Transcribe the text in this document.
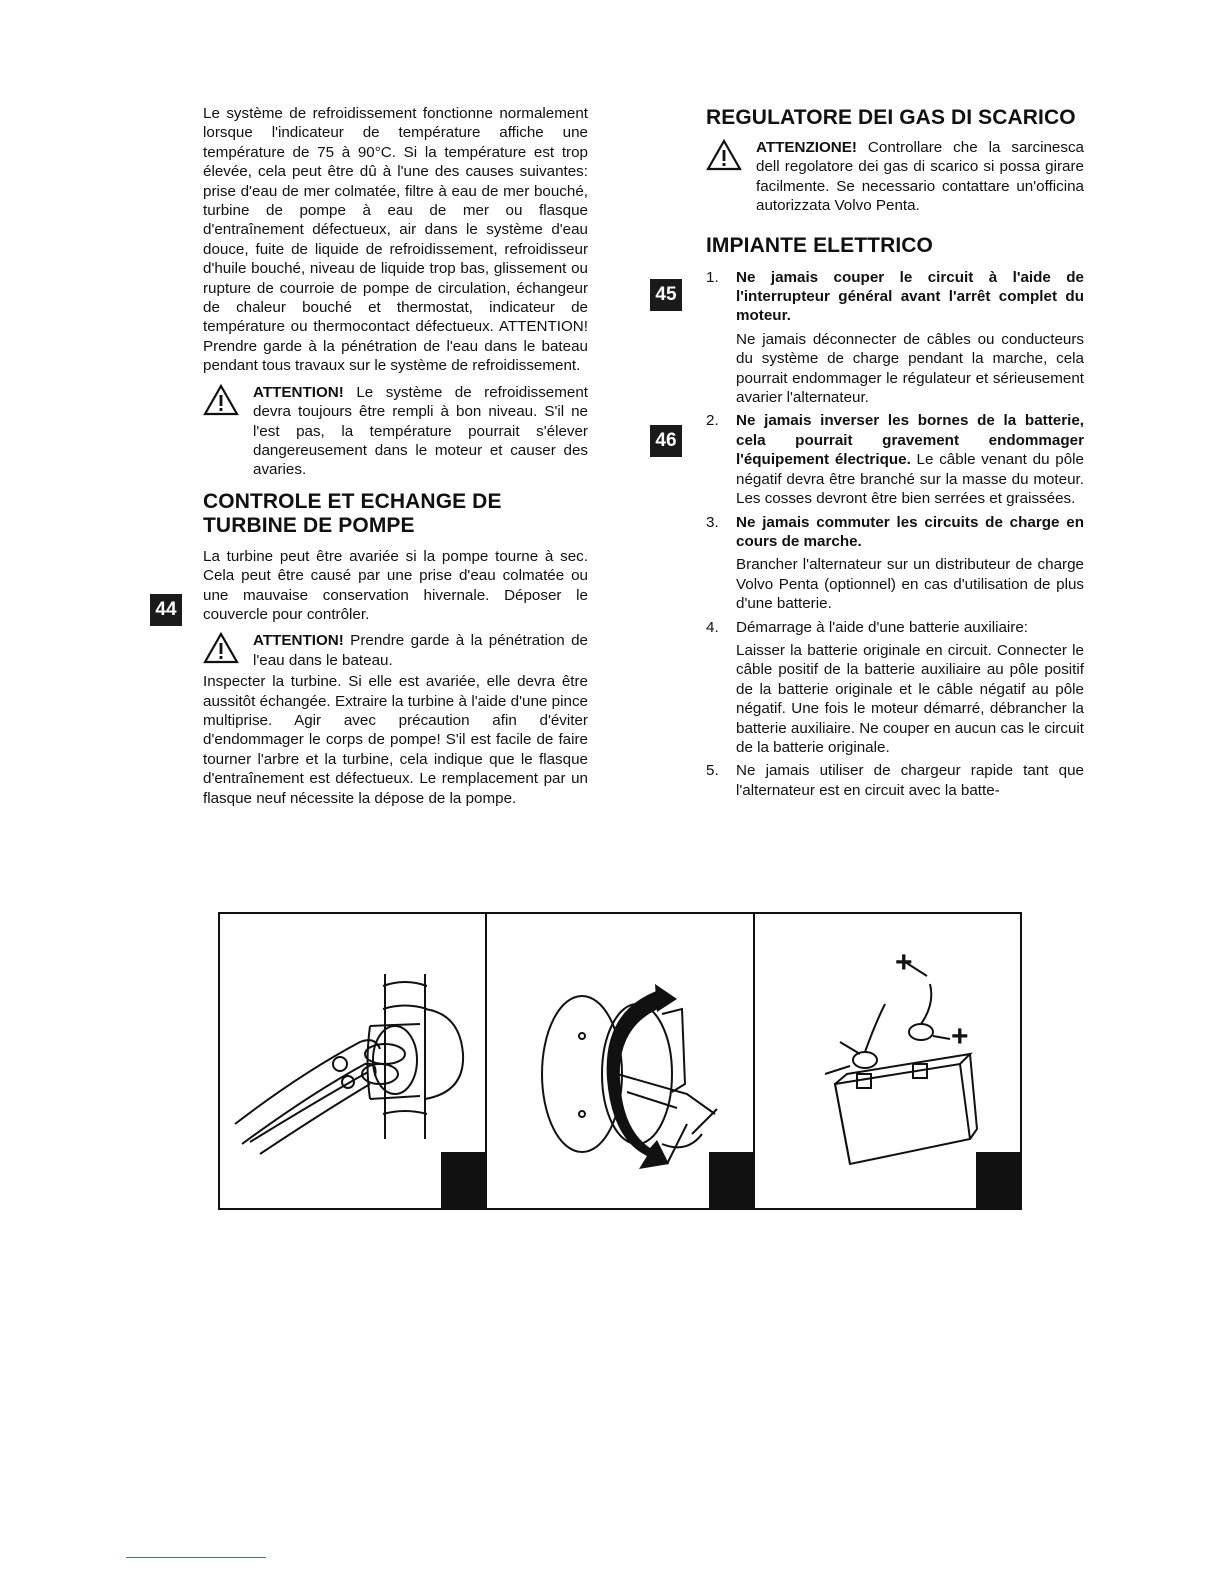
Le système de refroidissement fonctionne normalement lorsque l'indicateur de température affiche une température de 75 à 90°C. Si la température est trop élevée, cela peut être dû à l'une des causes suivantes: prise d'eau de mer colmatée, filtre à eau de mer bouché, turbine de pompe à eau de mer ou flasque d'entraînement défectueux, air dans le système d'eau douce, fuite de liquide de refroidissement, refroidisseur d'huile bouché, niveau de liquide trop bas, glissement ou rupture de courroie de pompe de circulation, échangeur de chaleur bouché et thermostat, indicateur de température ou thermocontact défectueux. ATTENTION! Prendre garde à la pénétration de l'eau dans le bateau pendant tous travaux sur le système de refroidissement.

ATTENTION! Le système de refroidissement devra toujours être rempli à bon niveau. S'il ne l'est pas, la température pourrait s'élever dangereusement dans le moteur et causer des avaries.
CONTROLE ET ECHANGE DE TURBINE DE POMPE

La turbine peut être avariée si la pompe tourne à sec. Cela peut être causé par une prise d'eau colmatée ou une mauvaise conservation hivernale. Déposer le couvercle pour contrôler.

ATTENTION! Prendre garde à la pénétration de l'eau dans le bateau.

Inspecter la turbine. Si elle est avariée, elle devra être aussitôt échangée. Extraire la turbine à l'aide d'une pince multiprise. Agir avec précaution afin d'éviter d'endommager le corps de pompe! S'il est facile de faire tourner l'arbre et la turbine, cela indique que le flasque d'entraînement est défectueux. Le remplacement par un flasque neuf nécessite la dépose de la pompe.

44
REGULATORE DEI GAS DI SCARICO
ATTENZIONE! Controllare che la sarcinesca dell regolatore dei gas di scarico si possa girare facilmente. Se necessario contattare un'officina autorizzata Volvo Penta.
IMPIANTE ELETTRICO
1. Ne jamais couper le circuit à l'aide de l'interrupteur général avant l'arrêt complet du moteur.
Ne jamais déconnecter de câbles ou conducteurs du système de charge pendant la marche, cela pourrait endommager le régulateur et sérieusement avarier l'alternateur.
2. Ne jamais inverser les bornes de la batterie, cela pourrait gravement endommager l'équipement électrique. Le câble venant du pôle négatif devra être branché sur la masse du moteur. Les cosses devront être bien serrées et graissées.
3. Ne jamais commuter les circuits de charge en cours de marche.
Brancher l'alternateur sur un distributeur de charge Volvo Penta (optionnel) en cas d'utilisation de plus d'une batterie.
4. Démarrage à l'aide d'une batterie auxiliaire:
Laisser la batterie originale en circuit. Connecter le câble positif de la batterie auxiliaire au pôle positif de la batterie originale et le câble négatif au pôle négatif. Une fois le moteur démarré, débrancher la batterie auxiliaire. Ne couper en aucun cas le circuit de la batterie originale.
5. Ne jamais utiliser de chargeur rapide tant que l'alternateur est en circuit avec la batte-
45
46
+
+
